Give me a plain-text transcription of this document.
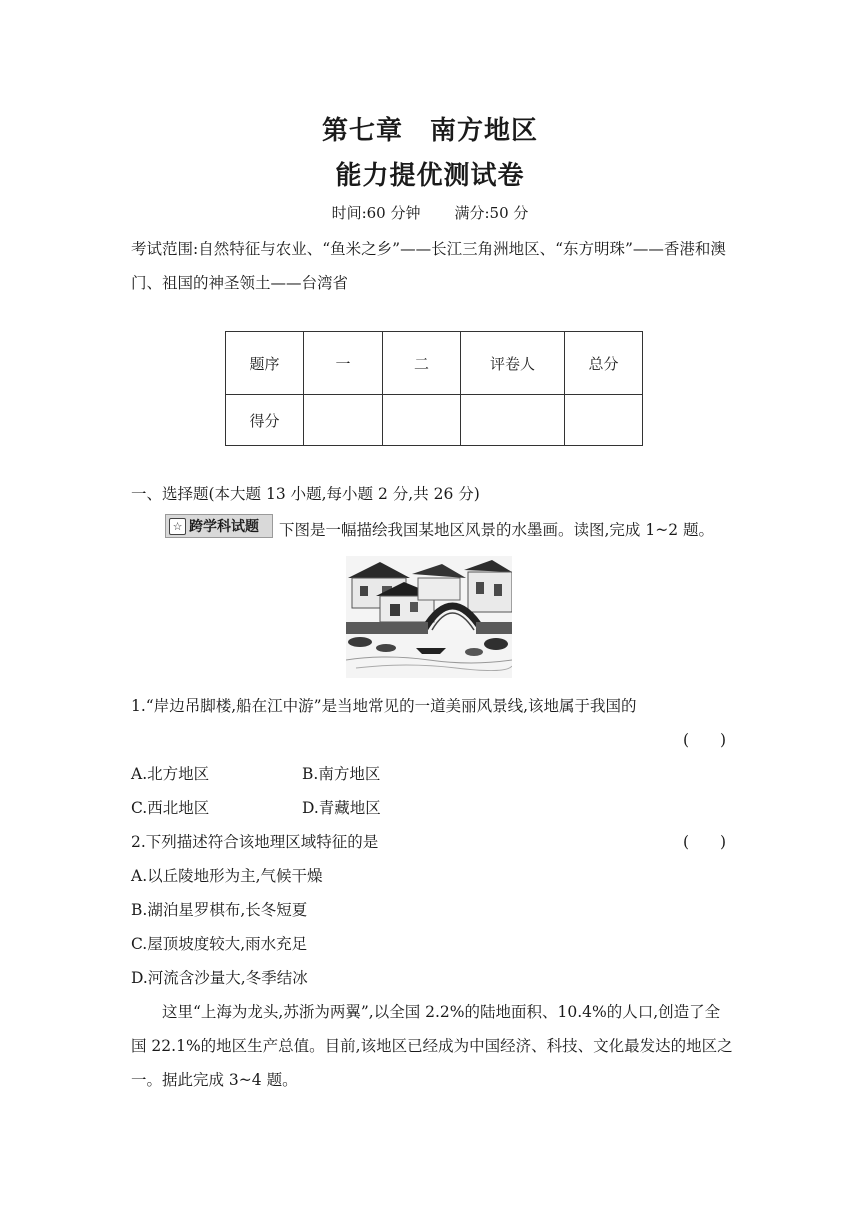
第七章　南方地区
能力提优测试卷
时间:60 分钟 满分:50 分
考试范围:自然特征与农业、“鱼米之乡”——长江三角洲地区、“东方明珠”——香港和澳门、祖国的神圣领土——台湾省
题序	一	二	评卷人	总分
得分				
一、选择题(本大题 13 小题,每小题 2 分,共 26 分)
☆ 跨学科试题 下图是一幅描绘我国某地区风景的水墨画。读图,完成 1~2 题。
1.“岸边吊脚楼,船在江中游”是当地常见的一道美丽风景线,该地属于我国的
(　　)
A.北方地区	B.南方地区
C.西北地区	D.青藏地区
2.下列描述符合该地理区域特征的是	(　　)
A.以丘陵地形为主,气候干燥
B.湖泊星罗棋布,长冬短夏
C.屋顶坡度较大,雨水充足
D.河流含沙量大,冬季结冰
这里“上海为龙头,苏浙为两翼”,以全国 2.2%的陆地面积、10.4%的人口,创造了全国 22.1%的地区生产总值。目前,该地区已经成为中国经济、科技、文化最发达的地区之一。据此完成 3~4 题。
